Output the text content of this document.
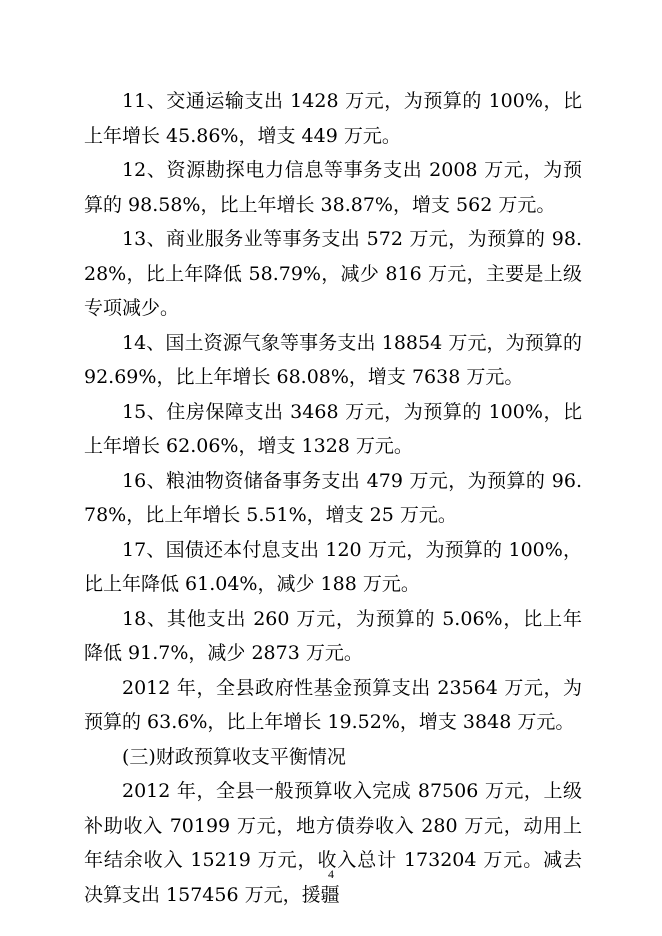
11、交通运输支出 1428 万元，为预算的 100%，比上年增长 45.86%，增支 449 万元。

12、资源勘探电力信息等事务支出 2008 万元，为预算的 98.58%，比上年增长 38.87%，增支 562 万元。

13、商业服务业等事务支出 572 万元，为预算的 98.28%，比上年降低 58.79%，减少 816 万元，主要是上级专项减少。

14、国土资源气象等事务支出 18854 万元，为预算的 92.69%，比上年增长 68.08%，增支 7638 万元。

15、住房保障支出 3468 万元，为预算的 100%，比上年增长 62.06%，增支 1328 万元。

16、粮油物资储备事务支出 479 万元，为预算的 96.78%，比上年增长 5.51%，增支 25 万元。

17、国债还本付息支出 120 万元，为预算的 100%，比上年降低 61.04%，减少 188 万元。

18、其他支出 260 万元，为预算的 5.06%，比上年降低 91.7%，减少 2873 万元。

2012 年，全县政府性基金预算支出 23564 万元，为预算的 63.6%，比上年增长 19.52%，增支 3848 万元。

(三)财政预算收支平衡情况

2012 年，全县一般预算收入完成 87506 万元，上级补助收入 70199 万元，地方债券收入 280 万元，动用上年结余收入 15219 万元，收入总计 173204 万元。减去决算支出 157456 万元，援疆

4
